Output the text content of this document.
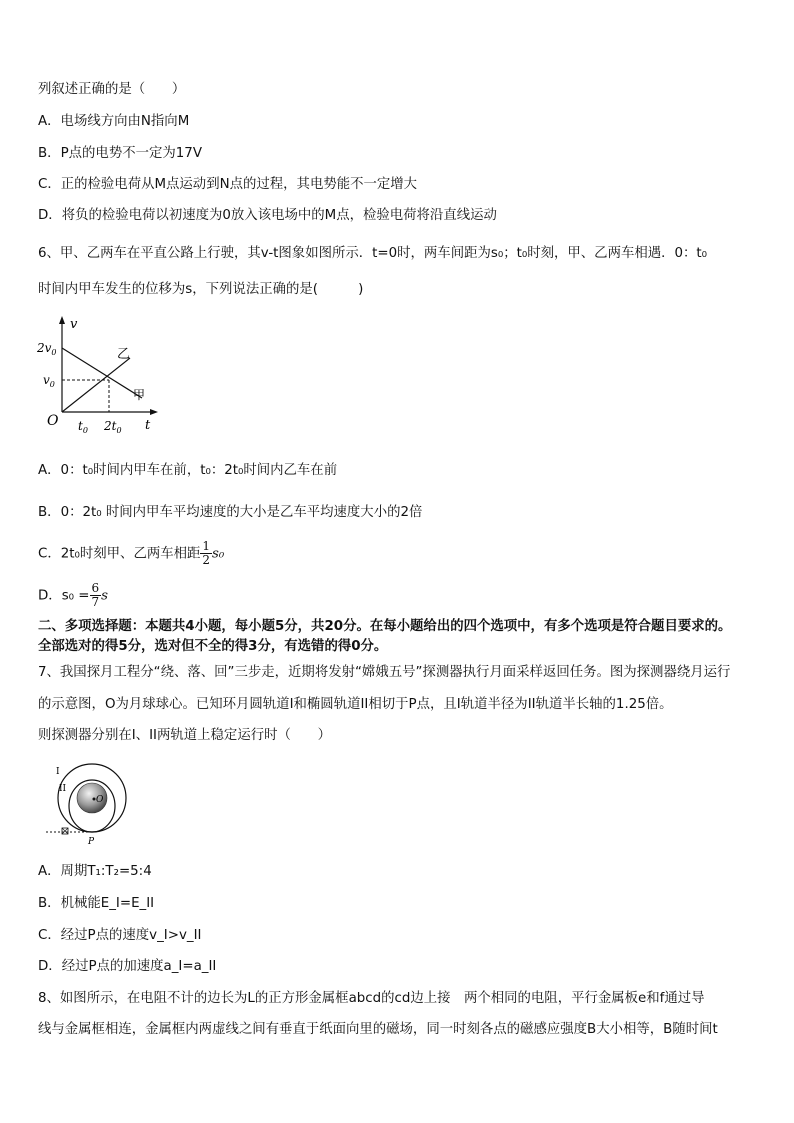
列叙述正确的是（　　）
A．电场线方向由N指向M
B．P点的电势不一定为17V
C．正的检验电荷从M点运动到N点的过程，其电势能不一定增大
D．将负的检验电荷以初速度为0放入该电场中的M点，检验电荷将沿直线运动
6、甲、乙两车在平直公路上行驶，其v-t图象如图所示．t=0时，两车间距为s₀；t₀时刻，甲、乙两车相遇．0：t₀
时间内甲车发生的位移为s，下列说法正确的是(　　　)
v
t
O
$2v_0$
$v_0$
$t_0$ $2t_0$
乙
甲
A．0：t₀时间内甲车在前，t₀：2t₀时间内乙车在前
B．0：2t₀ 时间内甲车平均速度的大小是乙车平均速度大小的2倍
C．2t₀时刻甲、乙两车相距 $\frac{1}{2} s_0$
D．$s_0 = \frac{6}{7}$ s
二、多项选择题：本题共4小题，每小题5分，共20分。在每小题给出的四个选项中，有多个选项是符合题目要求的。
全部选对的得5分，选对但不全的得3分，有选错的得0分。
7、我国探月工程分“绕、落、回”三步走，近期将发射“嫦娥五号”探测器执行月面采样返回任务。图为探测器绕月运行
的示意图，O为月球球心。已知环月圆轨道I和椭圆轨道II相切于P点，且I轨道半径为II轨道半长轴的1.25倍。
则探测器分别在I、II两轨道上稳定运行时（　　）
I
II
O
P
A．周期T₁:T₂=5:4
B．机械能E_I=E_II
C．经过P点的速度v_I>v_II
D．经过P点的加速度a_I=a_II
8、如图所示，在电阻不计的边长为L的正方形金属框abcd的cd边上接　两个相同的电阻，平行金属板e和f通过导
线与金属框相连，金属框内两虚线之间有垂直于纸面向里的磁场，同一时刻各点的磁感应强度B大小相等，B随时间t
